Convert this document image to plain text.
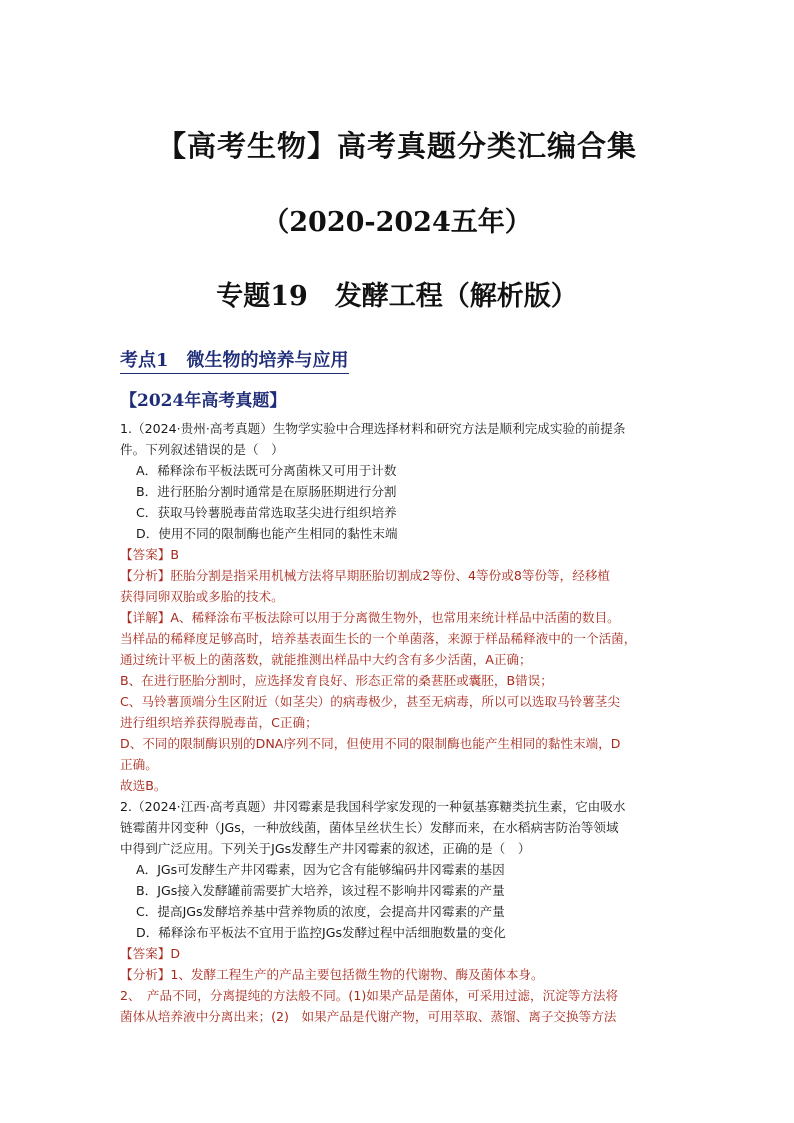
【高考生物】高考真题分类汇编合集
（2020-2024五年）
专题19　发酵工程（解析版）
考点1　微生物的培养与应用
【2024年高考真题】
1.（2024·贵州·高考真题）生物学实验中合理选择材料和研究方法是顺利完成实验的前提条
件。下列叙述错误的是（　）
A．稀释涂布平板法既可分离菌株又可用于计数
B．进行胚胎分割时通常是在原肠胚期进行分割
C．获取马铃薯脱毒苗常选取茎尖进行组织培养
D．使用不同的限制酶也能产生相同的黏性末端
【答案】B
【分析】胚胎分割是指采用机械方法将早期胚胎切割成2等份、4等份或8等份等，经移植
获得同卵双胎或多胎的技术。
【详解】A、稀释涂布平板法除可以用于分离微生物外，也常用来统计样品中活菌的数目。
当样品的稀释度足够高时，培养基表面生长的一个单菌落，来源于样品稀释液中的一个活菌，
通过统计平板上的菌落数，就能推测出样品中大约含有多少活菌，A正确；
B、在进行胚胎分割时，应选择发育良好、形态正常的桑葚胚或囊胚，B错误；
C、马铃薯顶端分生区附近（如茎尖）的病毒极少，甚至无病毒，所以可以选取马铃薯茎尖
进行组织培养获得脱毒苗，C正确；
D、不同的限制酶识别的DNA序列不同，但使用不同的限制酶也能产生相同的黏性末端，D
正确。
故选B。
2.（2024·江西·高考真题）井冈霉素是我国科学家发现的一种氨基寡糖类抗生素，它由吸水
链霉菌井冈变种（JGs，一种放线菌，菌体呈丝状生长）发酵而来，在水稻病害防治等领域
中得到广泛应用。下列关于JGs发酵生产井冈霉素的叙述，正确的是（　）
A．JGs可发酵生产井冈霉素，因为它含有能够编码井冈霉素的基因
B．JGs接入发酵罐前需要扩大培养，该过程不影响井冈霉素的产量
C．提高JGs发酵培养基中营养物质的浓度，会提高井冈霉素的产量
D．稀释涂布平板法不宜用于监控JGs发酵过程中活细胞数量的变化
【答案】D
【分析】1、发酵工程生产的产品主要包括微生物的代谢物、酶及菌体本身。
2、　产品不同，分离提纯的方法般不同。(1)如果产品是菌体，可采用过滤，沉淀等方法将
菌体从培养液中分离出来；(2)　如果产品是代谢产物，可用萃取、蒸馏、离子交换等方法
